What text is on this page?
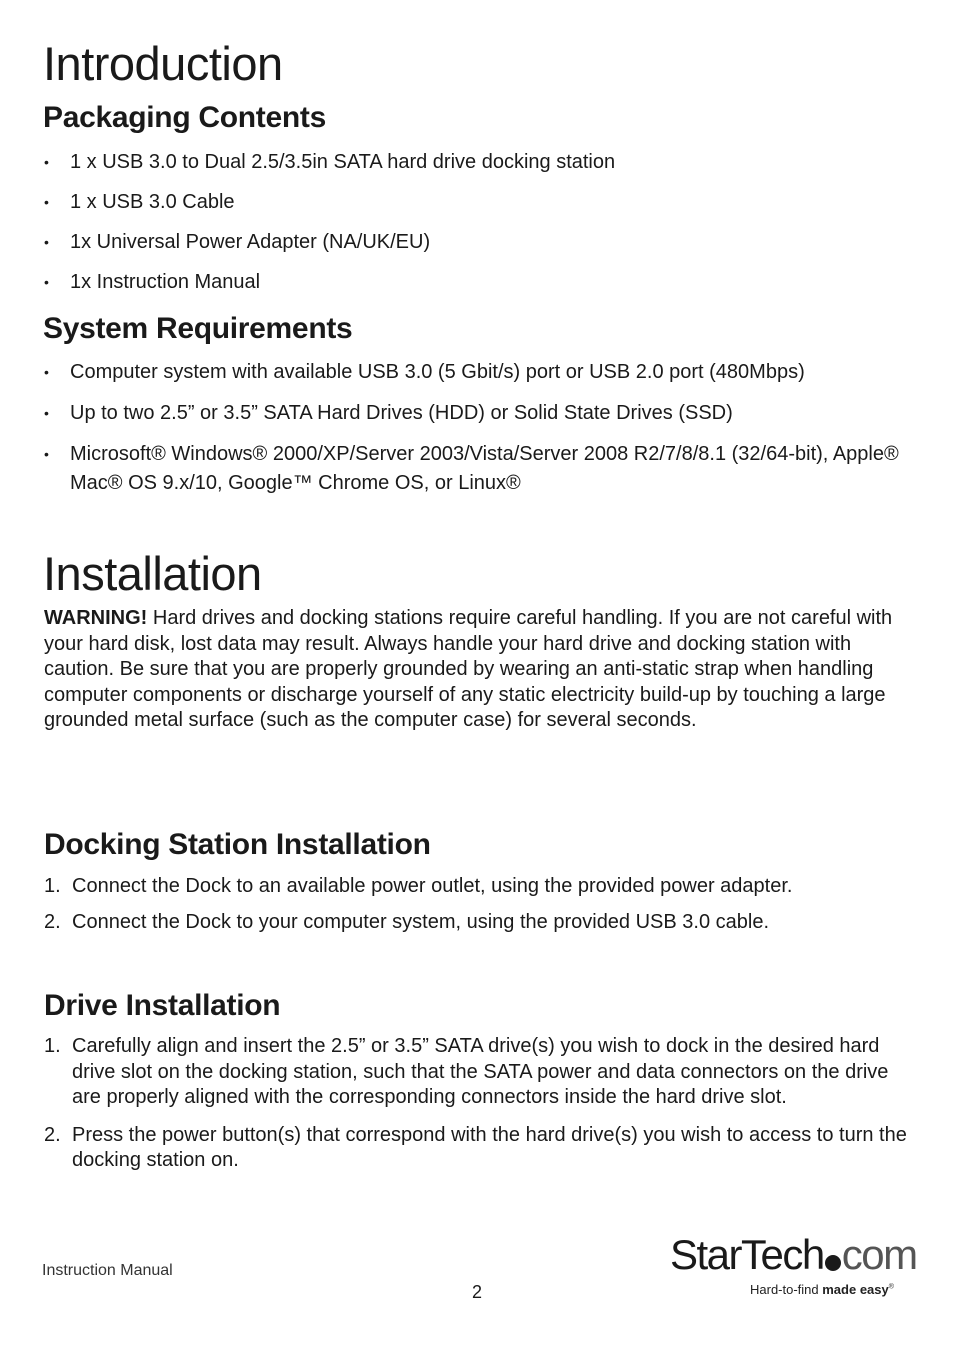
Introduction
Packaging Contents
• 1 x USB 3.0 to Dual 2.5/3.5in SATA hard drive docking station
• 1 x USB 3.0 Cable
• 1x Universal Power Adapter (NA/UK/EU)
• 1x Instruction Manual
System Requirements
• Computer system with available USB 3.0 (5 Gbit/s) port or USB 2.0 port (480Mbps)
• Up to two 2.5” or 3.5” SATA Hard Drives (HDD) or Solid State Drives (SSD)
• Microsoft® Windows® 2000/XP/Server 2003/Vista/Server 2008 R2/7/8/8.1 (32/64-bit), Apple® Mac® OS 9.x/10, Google™ Chrome OS, or Linux®
Installation

WARNING! Hard drives and docking stations require careful handling. If you are not careful with your hard disk, lost data may result. Always handle your hard drive and docking station with caution. Be sure that you are properly grounded by wearing an anti-static strap when handling computer components or discharge yourself of any static electricity build-up by touching a large grounded metal surface (such as the computer case) for several seconds.

Docking Station Installation
1. Connect the Dock to an available power outlet, using the provided power adapter.
2. Connect the Dock to your computer system, using the provided USB 3.0 cable.
Drive Installation
1. Carefully align and insert the 2.5” or 3.5” SATA drive(s) you wish to dock in the desired hard drive slot on the docking station, such that the SATA power and data connectors on the drive are properly aligned with the corresponding connectors inside the hard drive slot.
2. Press the power button(s) that correspond with the hard drive(s) you wish to access to turn the docking station on.
Instruction Manual
2
StarTech com
Hard-to-find made easy®
